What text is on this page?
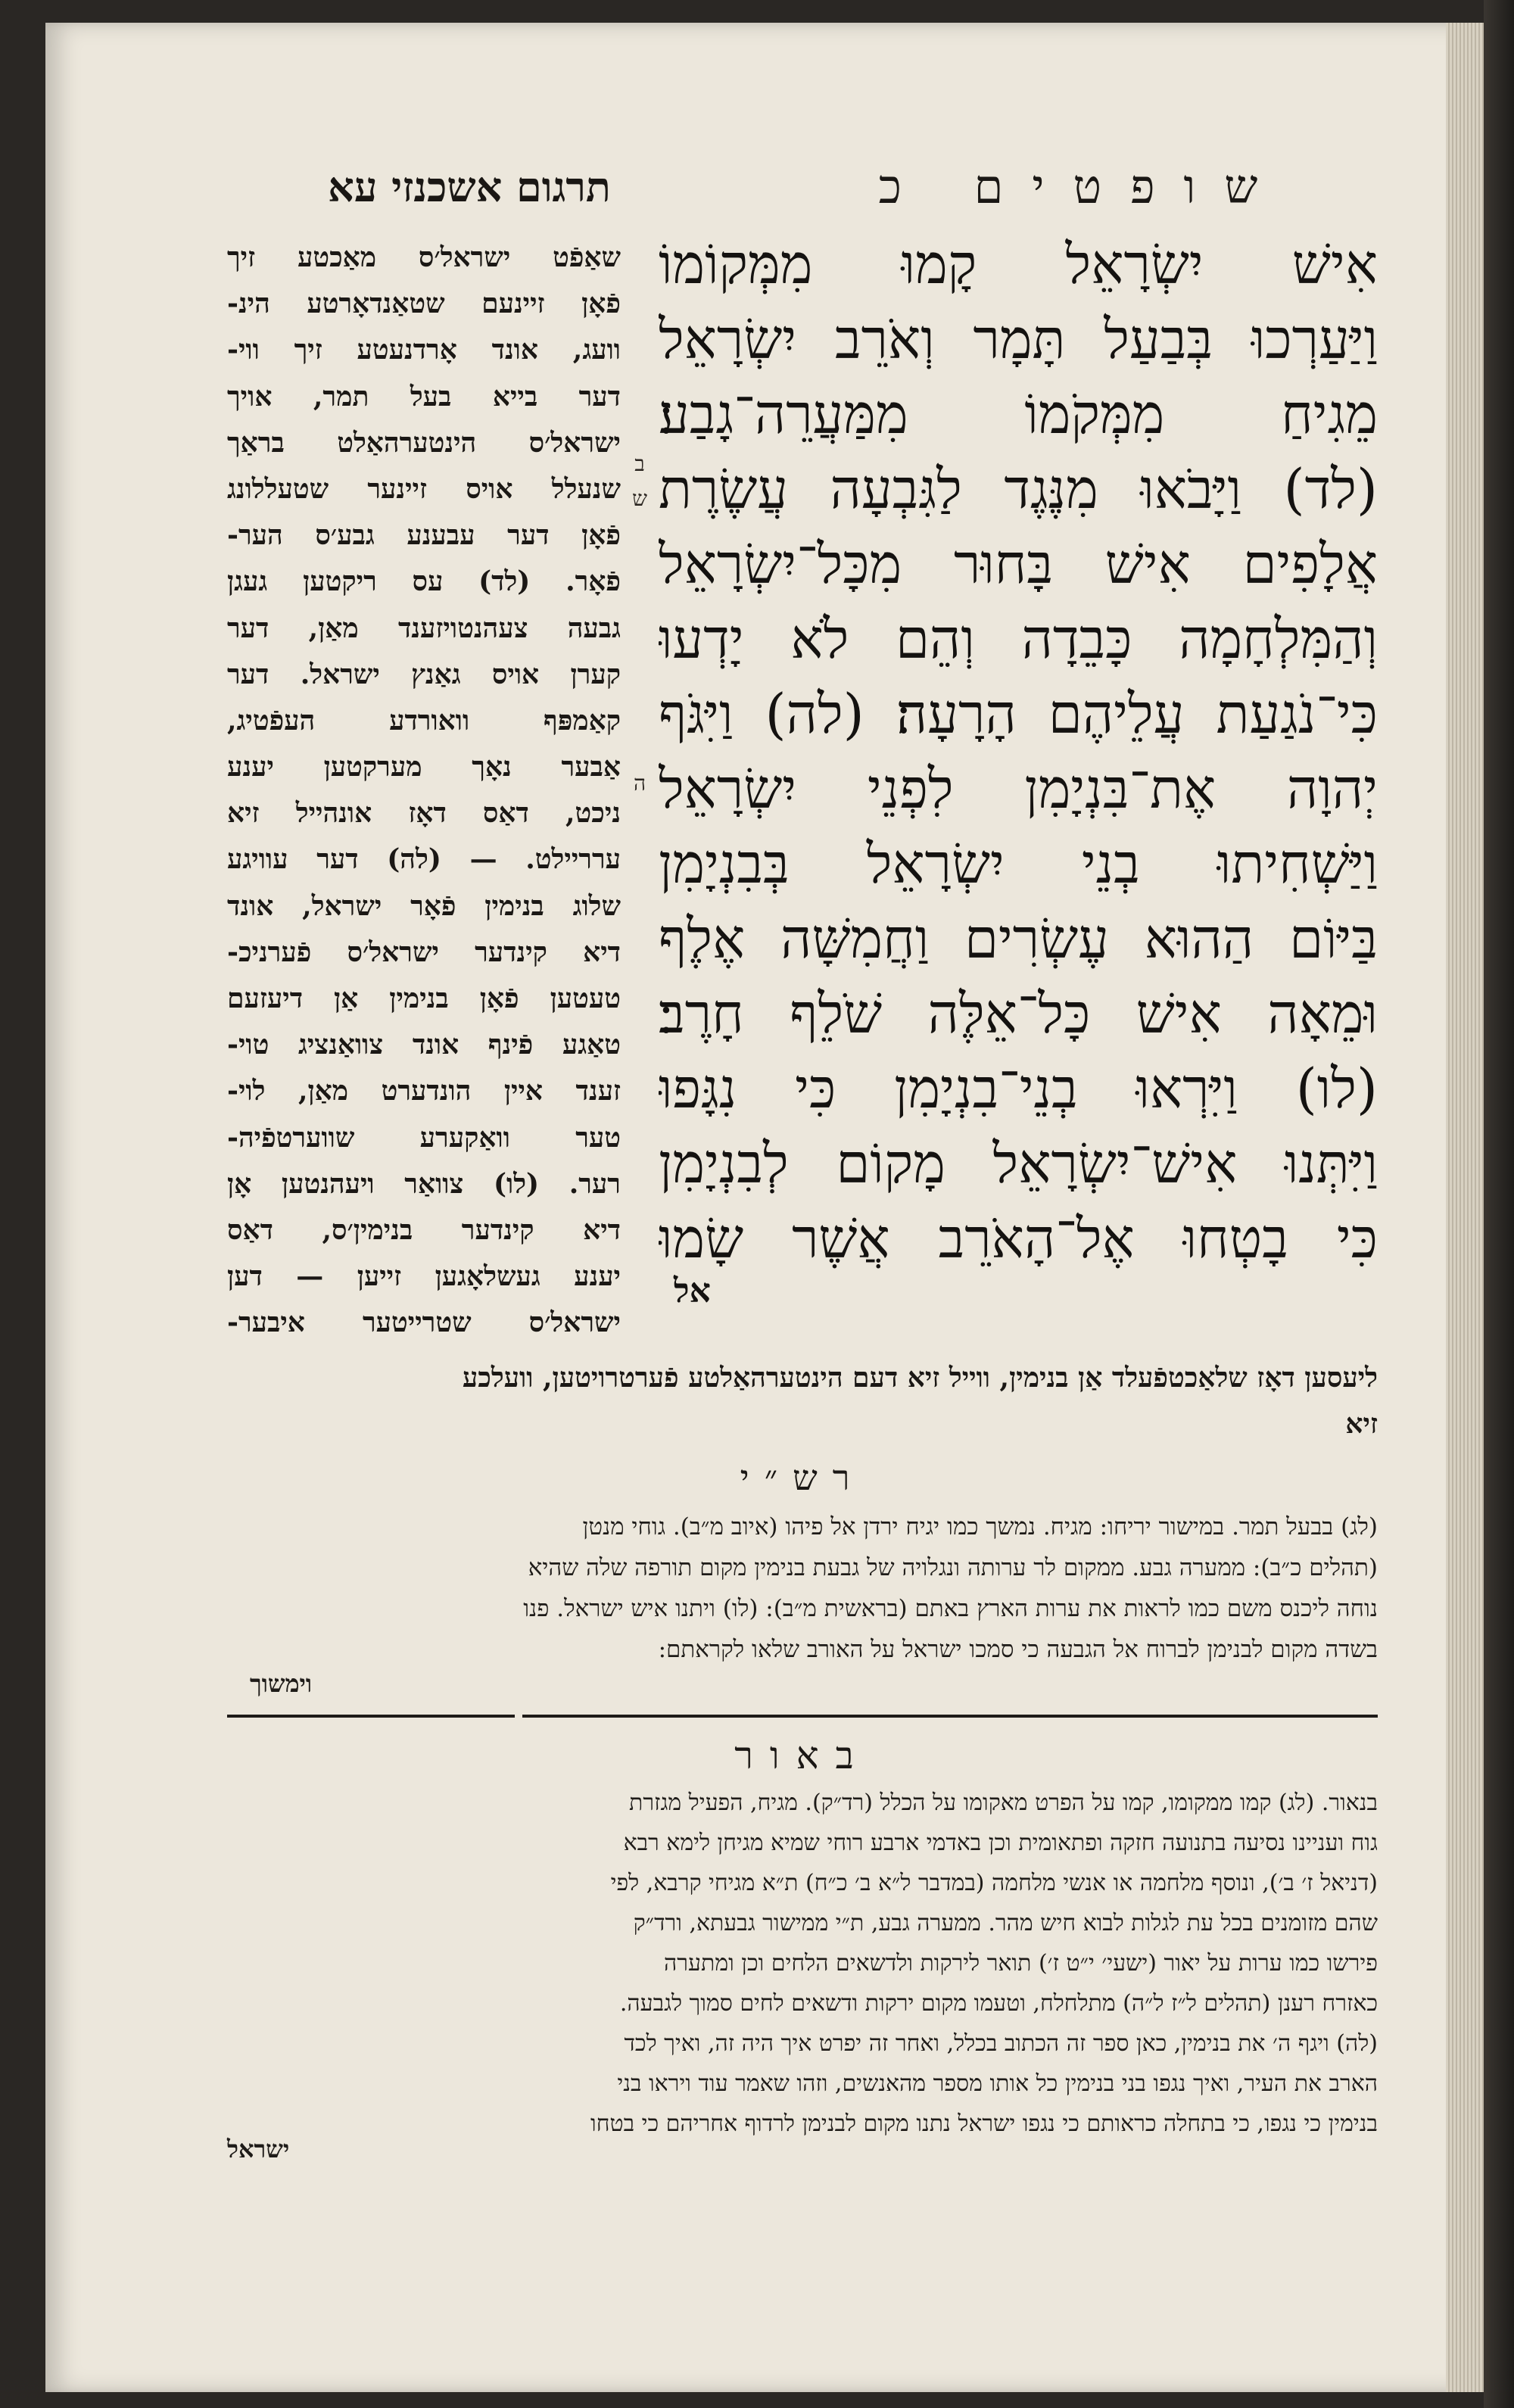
שופטים כ
תרגום אשכנזי עא
אִישׁ יִשְׂרָאֵל קָמוּ מִמְּקוֹמוֹ
וַיַּעַרְכוּ בְּבַעַל תָּמָר וְאֹרֵב יִשְׂרָאֵל
מֵגִיחַ מִמְּקֹמוֹ מִמַּעֲרֵה־גָבַע׃
(לד) וַיָּבֹאוּ מִנֶּגֶד לַגִּבְעָה עֲשֶׂרֶת
אֲלָפִים אִישׁ בָּחוּר מִכָּל־יִשְׂרָאֵל
וְהַמִּלְחָמָה כָּבֵדָה וְהֵם לֹא יָדְעוּ
כִּי־נֹגַעַת עֲלֵיהֶם הָרָעָה׃ (לה) וַיִּגֹּף
יְהוָה אֶת־בִּנְיָמִן לִפְנֵי יִשְׂרָאֵל
וַיַּשְׁחִיתוּ בְנֵי יִשְׂרָאֵל בְּבִנְיָמִן
בַּיּוֹם הַהוּא עֶשְׂרִים וַחֲמִשָּׁה אֶלֶף
וּמֵאָה אִישׁ כָּל־אֵלֶּה שֹׁלֵף חָרֶב׃
(לו) וַיִּרְאוּ בְנֵי־בִנְיָמִן כִּי נִגָּפוּ
וַיִּתְּנוּ אִישׁ־יִשְׂרָאֵל מָקוֹם לְבִנְיָמִן
כִּי בָטְחוּ אֶל־הָאֹרֵב אֲשֶׁר שָׂמוּ
אל
ב
ש
ה
שאַפֿט ישראל׳ס מאַכטע זיך
פֿאָן זיינעם שטאַנדאָרטע הינ-
וועג, אונד אָרדנעטע זיך ווי-
דער בייא בעל תמר, אויך
ישראל׳ס הינטערהאַלט בראַך
שנעלל אויס זיינער שטעללונג
פֿאָן דער עבענע גבע׳ס הער-
פֿאָר. (לד) עס ריקטען געגן
גבעה צעהנטויזענד מאַן, דער
קערן אויס גאַנץ ישראל. דער
קאַמפּף וואורדע העפֿטיג,
אַבער נאָך מערקטען יענע
ניכט, דאַס דאָז אונהייל זיא
ערריילט. — (לה) דער עוויגע
שלוג בנימין פֿאָר ישראל, אונד
דיא קינדער ישראל׳ס פֿערניכ-
טעטען פֿאָן בנימין אַן דיעזעם
טאַגע פֿינף אונד צוואַנציג טוי-
זענד איין הונדערט מאַן, לוי-
טער וואַקערע שווערטפֿיה-
רער. (לו) צוואַר ויעהנטען אָן
דיא קינדער בנימין׳ס, דאַס
יענע געשלאָגען זייען — דען
ישראל׳ס שטרייטער איבער-
ליעסען דאָז שלאַכטפֿעלד אַן בנימין, ווייל זיא דעם הינטערהאַלטע פֿערטרויטען, וועלכע
זיא
רש״י
(לג) בבעל תמר. במישור יריחו: מגיח. נמשך כמו יגיח ירדן אל פיהו (איוב מ״ב). גוחי מנטן
(תהלים כ״ב): ממערה גבע. ממקום לר ערותה ונגלויה של גבעת בנימין מקום תורפה שלה שהיא
נוחה ליכנס משם כמו לראות את ערות הארץ באתם (בראשית מ״ב): (לו) ויתנו איש ישראל. פנו
בשדה מקום לבנימן לברוח אל הגבעה כי סמכו ישראל על האורב שלאו לקראתם:
וימשוך
באור
בנאור. (לג) קמו ממקומו, קמו על הפרט מאקומו על הכלל (רד״ק). מגיח, הפעיל מגזרת
גוח ועניינו נסיעה בתנועה חזקה ופתאומית וכן באדמי ארבע רוחי שמיא מגיחן לימא רבא
(דניאל ז׳ ב׳), ונוסף מלחמה או אנשי מלחמה (במדבר ל״א ב׳ כ״ח) ת״א מגיחי קרבא, לפי
שהם מזומנים בכל עת לגלות לבוא חיש מהר. ממערה גבע, ת״י ממישור גבעתא, ורד״ק
פירשו כמו ערות על יאור (ישעי׳ י״ט ז׳) תואר לירקות ולדשאים הלחים וכן ומתערה
כאזרח רענן (תהלים ל״ז ל״ה) מתלחלח, וטעמו מקום ירקות ודשאים לחים סמוך לגבעה.
(לה) ויגף ה׳ את בנימין, כאן ספר זה הכתוב בכלל, ואחר זה יפרט איך היה זה, ואיך לכד
הארב את העיר, ואיך נגפו בני בנימין כל אותו מספר מהאנשים, וזהו שאמר עוד ויראו בני
בנימין כי נגפו, כי בתחלה כראותם כי נגפו ישראל נתנו מקום לבנימן לרדוף אחריהם כי בטחו
ישראל
